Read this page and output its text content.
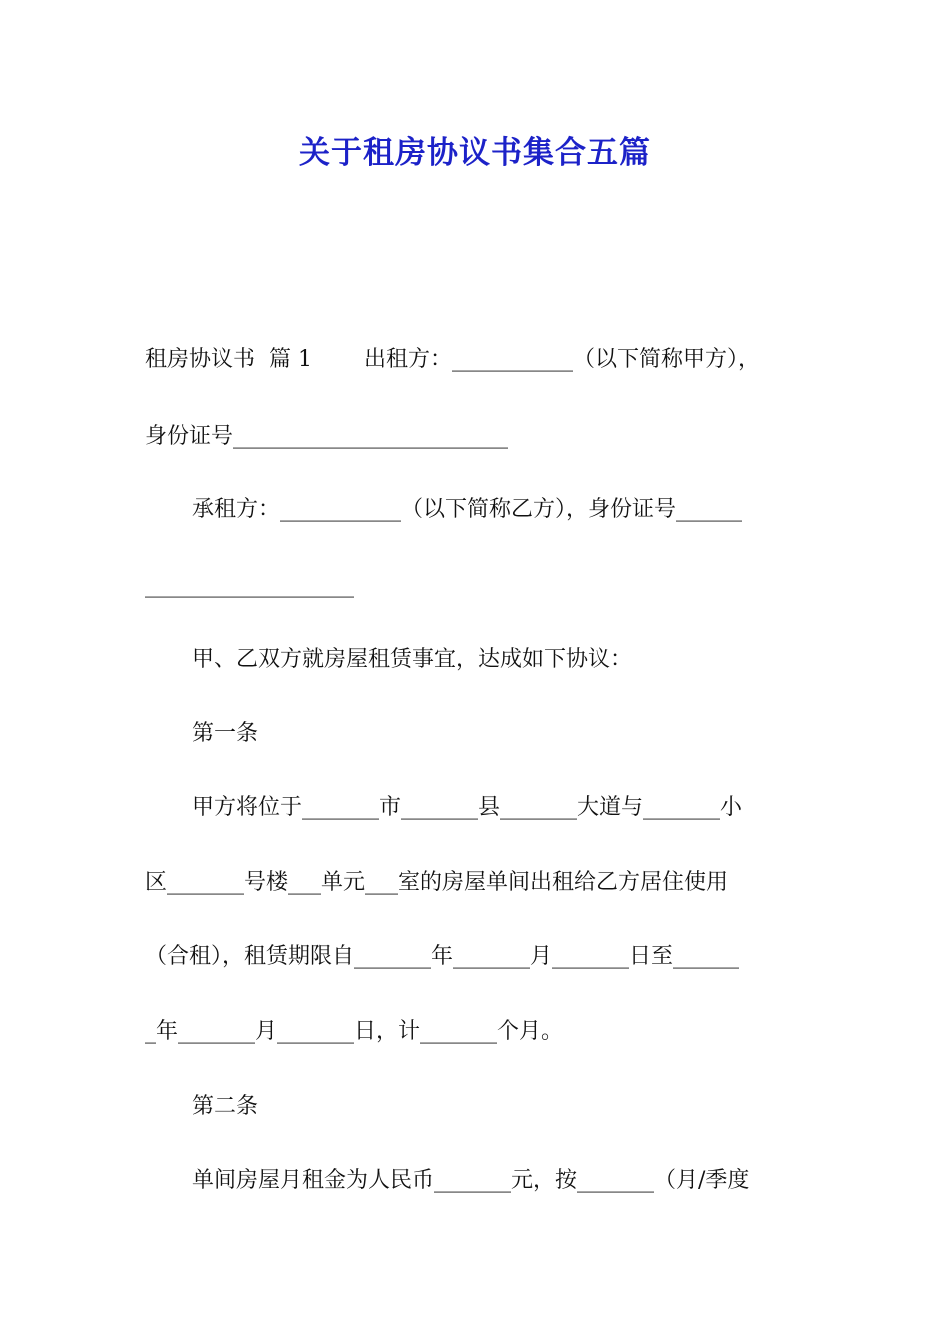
关于租房协议书集合五篇
租房协议书  篇 1 出租方：___________（以下简称甲方），
身份证号_________________________
承租方：___________（以下简称乙方），身份证号______
___________________
甲、乙双方就房屋租赁事宜，达成如下协议：
第一条
甲方将位于_______市_______县_______大道与_______小
区_______号楼___单元___室的房屋单间出租给乙方居住使用
（合租），租赁期限自_______年_______月_______日至______
_年_______月_______日，计_______个月。
第二条
单间房屋月租金为人民币_______元，按_______（月/季度
